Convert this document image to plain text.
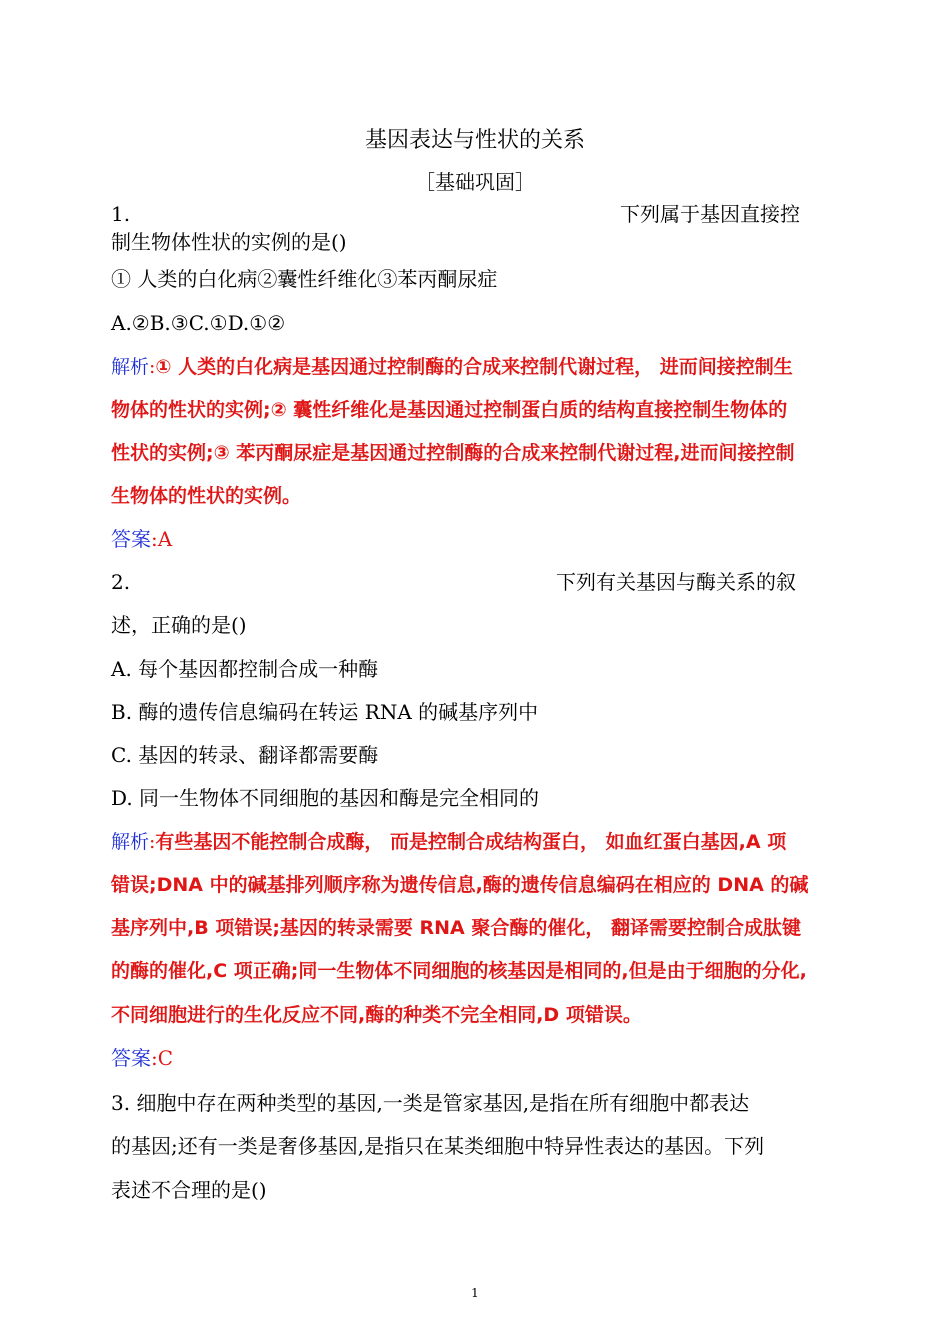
基因表达与性状的关系
［基础巩固］
1.	下列属于基因直接控
制生物体性状的实例的是()
① 人类的白化病②囊性纤维化③苯丙酮尿症
A.②B.③C.①D.①②
解析:① 人类的白化病是基因通过控制酶的合成来控制代谢过程， 进而间接控制生
物体的性状的实例;② 囊性纤维化是基因通过控制蛋白质的结构直接控制生物体的
性状的实例;③ 苯丙酮尿症是基因通过控制酶的合成来控制代谢过程,进而间接控制
生物体的性状的实例。
答案:A
2.	下列有关基因与酶关系的叙
述，正确的是()
A. 每个基因都控制合成一种酶
B. 酶的遗传信息编码在转运 RNA 的碱基序列中
C. 基因的转录、翻译都需要酶
D. 同一生物体不同细胞的基因和酶是完全相同的
解析:有些基因不能控制合成酶， 而是控制合成结构蛋白， 如血红蛋白基因,A 项
错误;DNA 中的碱基排列顺序称为遗传信息,酶的遗传信息编码在相应的 DNA 的碱
基序列中,B 项错误;基因的转录需要 RNA 聚合酶的催化， 翻译需要控制合成肽键
的酶的催化,C 项正确;同一生物体不同细胞的核基因是相同的,但是由于细胞的分化,
不同细胞进行的生化反应不同,酶的种类不完全相同,D 项错误。
答案:C
3. 细胞中存在两种类型的基因,一类是管家基因,是指在所有细胞中都表达
的基因;还有一类是奢侈基因,是指只在某类细胞中特异性表达的基因。下列
表述不合理的是()
1
